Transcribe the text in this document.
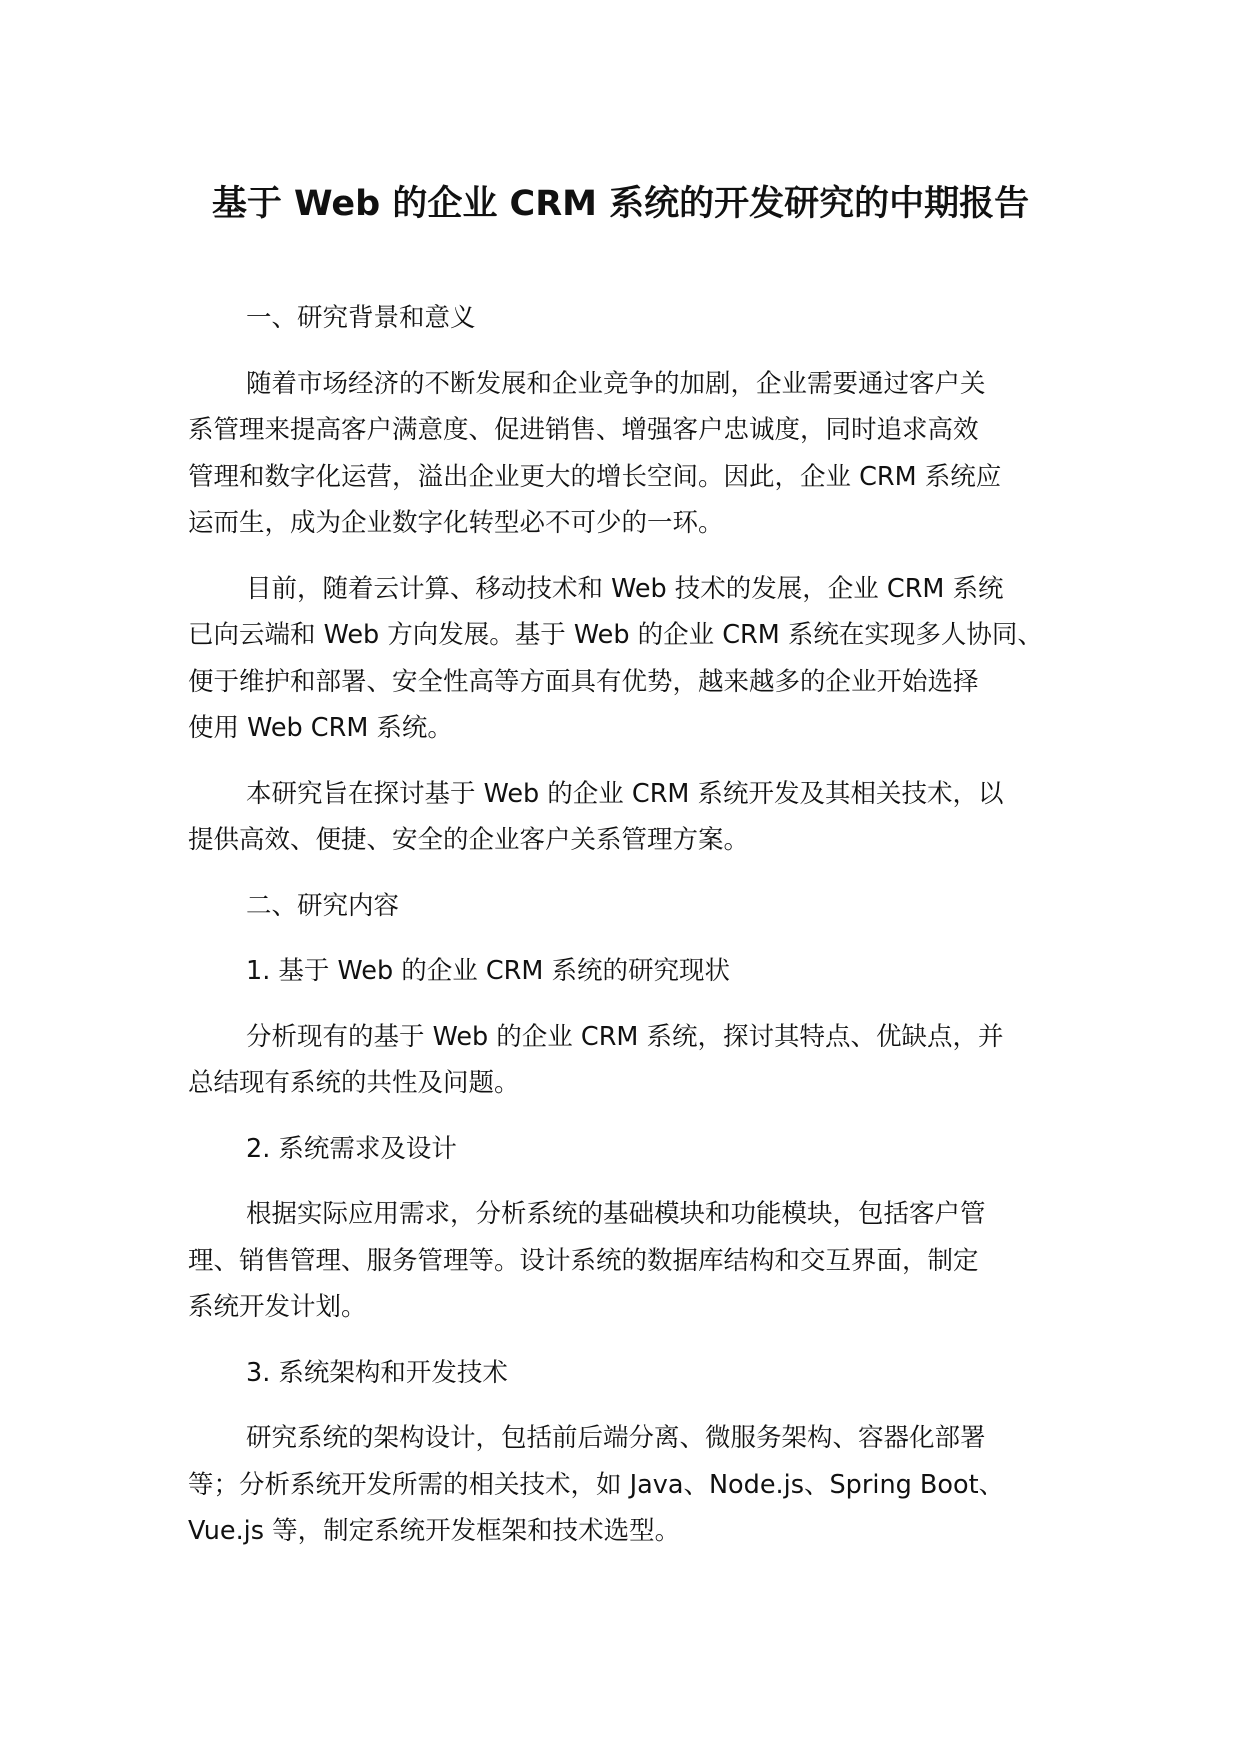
基于 Web 的企业 CRM 系统的开发研究的中期报告
一、研究背景和意义
随着市场经济的不断发展和企业竞争的加剧，企业需要通过客户关
系管理来提高客户满意度、促进销售、增强客户忠诚度，同时追求高效
管理和数字化运营，溢出企业更大的增长空间。因此，企业 CRM 系统应
运而生，成为企业数字化转型必不可少的一环。
目前，随着云计算、移动技术和 Web 技术的发展，企业 CRM 系统
已向云端和 Web 方向发展。基于 Web 的企业 CRM 系统在实现多人协同、
便于维护和部署、安全性高等方面具有优势，越来越多的企业开始选择
使用 Web CRM 系统。
本研究旨在探讨基于 Web 的企业 CRM 系统开发及其相关技术，以
提供高效、便捷、安全的企业客户关系管理方案。
二、研究内容
1. 基于 Web 的企业 CRM 系统的研究现状
分析现有的基于 Web 的企业 CRM 系统，探讨其特点、优缺点，并
总结现有系统的共性及问题。
2. 系统需求及设计
根据实际应用需求，分析系统的基础模块和功能模块，包括客户管
理、销售管理、服务管理等。设计系统的数据库结构和交互界面，制定
系统开发计划。
3. 系统架构和开发技术
研究系统的架构设计，包括前后端分离、微服务架构、容器化部署
等；分析系统开发所需的相关技术，如 Java、Node.js、Spring Boot、
Vue.js 等，制定系统开发框架和技术选型。
